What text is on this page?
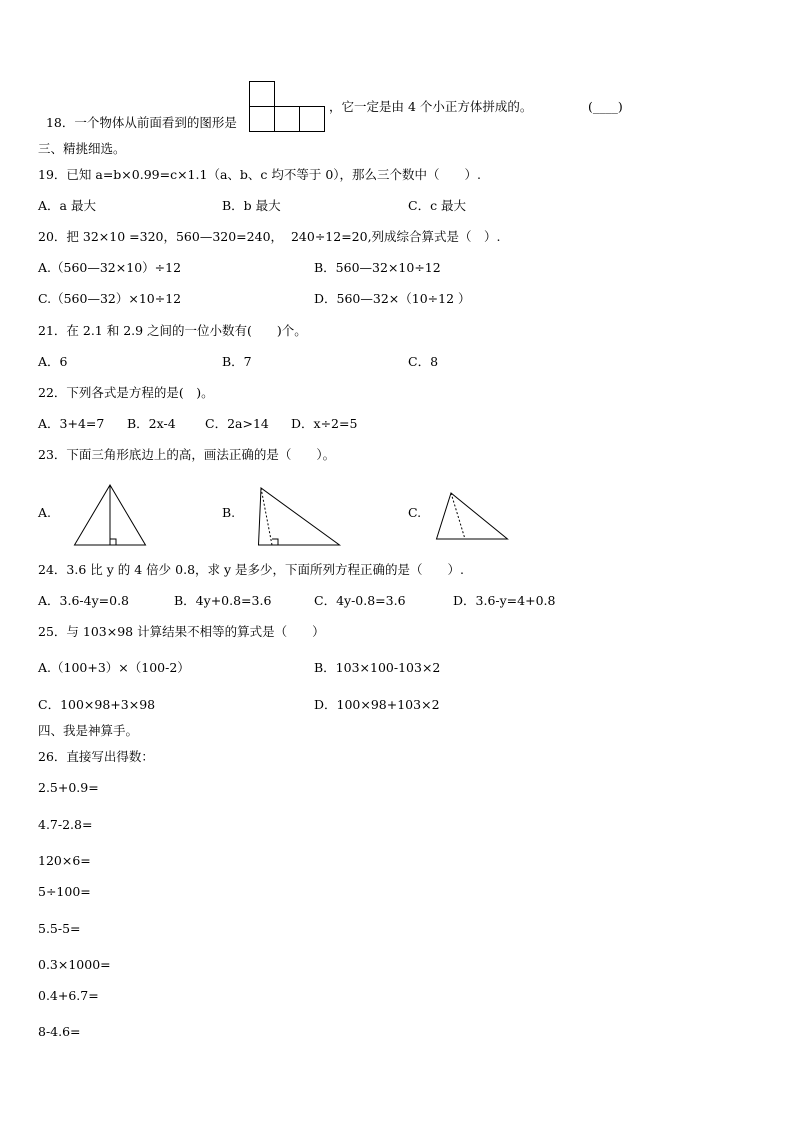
18．一个物体从前面看到的图形是

，它一定是由 4 个小正方体拼成的。	(____)
三、精挑细选。
19．已知 a=b×0.99=c×1.1（a、b、c 均不等于 0），那么三个数中（　　）.
A．a 最大	B．b 最大	C．c 最大
20．把 32×10 =320，560—320=240，  240÷12=20,列成综合算式是（　）.
A.（560—32×10）÷12	B．560—32×10÷12
C.（560—32）×10÷12	D．560—32×（10÷12 ）
21．在 2.1 和 2.9 之间的一位小数有(　　)个。
A．6	B．7	C．8
22．下列各式是方程的是(　)。
A．3+4=7 B．2x-4 C．2a>14 D．x÷2=5
23．下面三角形底边上的高，画法正确的是（　　）。
A.	B.	C.
24．3.6 比 y 的 4 倍少 0.8，求 y 是多少，下面所列方程正确的是（　　）.
A．3.6-4y=0.8	B．4y+0.8=3.6	C．4y-0.8=3.6	D．3.6-y=4+0.8
25．与 103×98 计算结果不相等的算式是（　　）
A.（100+3）×（100-2）	B．103×100-103×2
C．100×98+3×98	D．100×98+103×2
四、我是神算手。
26．直接写出得数：
2.5+0.9=
4.7-2.8=
120×6=
5÷100=
5.5-5=
0.3×1000=
0.4+6.7=
8-4.6=
